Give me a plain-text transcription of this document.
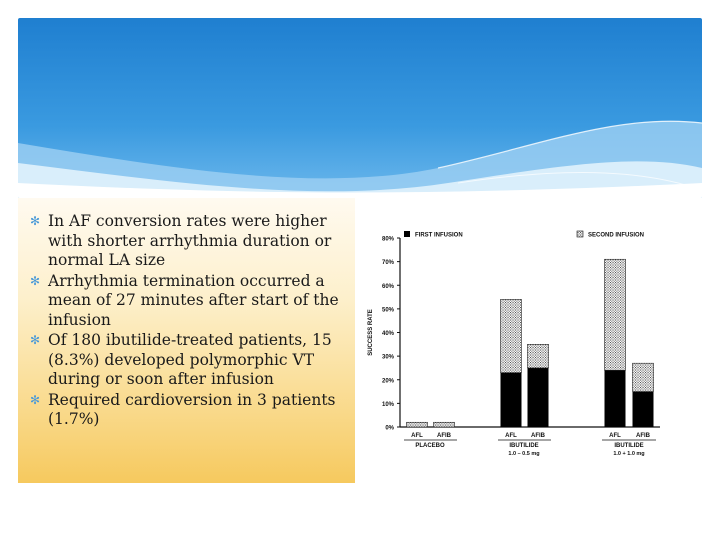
✻ In AF conversion rates were higher with shorter arrhythmia duration or normal LA size
✻ Arrhythmia termination occurred a mean of 27 minutes after start of the infusion
✻ Of 180 ibutilide-treated patients, 15 (8.3%) developed polymorphic VT during or soon after infusion
✻ Required cardioversion in 3 patients (1.7%)
0%
10%
20%
30%
40%
50%
60%
70%
80%
SUCCESS RATE
FIRST INFUSION	SECOND INFUSION
AFL AFIB	AFL AFIB	AFL	AFIB
PLACEBO	IBUTILIDE
1.0 – 0.5 mg
IBUTILIDE
1.0 + 1.0 mg
